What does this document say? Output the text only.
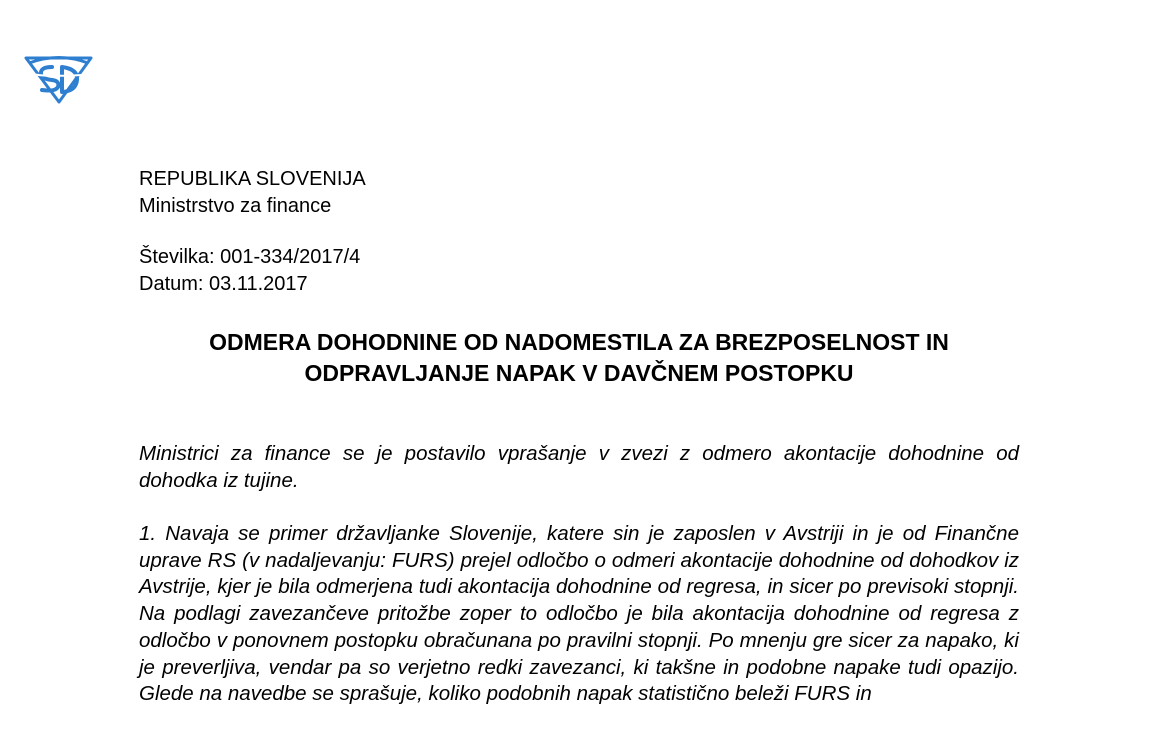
REPUBLIKA SLOVENIJA
Ministrstvo za finance
Številka: 001-334/2017/4
Datum: 03.11.2017
ODMERA DOHODNINE OD NADOMESTILA ZA BREZPOSELNOST IN
ODPRAVLJANJE NAPAK V DAVČNEM POSTOPKU

Ministrici za finance se je postavilo vprašanje v zvezi z odmero akontacije dohodnine od dohodka iz tujine.

1. Navaja se primer državljanke Slovenije, katere sin je zaposlen v Avstriji in je od Finančne uprave RS (v nadaljevanju: FURS) prejel odločbo o odmeri akontacije dohodnine od dohodkov iz Avstrije, kjer je bila odmerjena tudi akontacija dohodnine od regresa, in sicer po previsoki stopnji. Na podlagi zavezančeve pritožbe zoper to odločbo je bila akontacija dohodnine od regresa z odločbo v ponovnem postopku obračunana po pravilni stopnji. Po mnenju gre sicer za napako, ki je preverljiva, vendar pa so verjetno redki zavezanci, ki takšne in podobne napake tudi opazijo. Glede na navedbe se sprašuje, koliko podobnih napak statistično beleži FURS in
